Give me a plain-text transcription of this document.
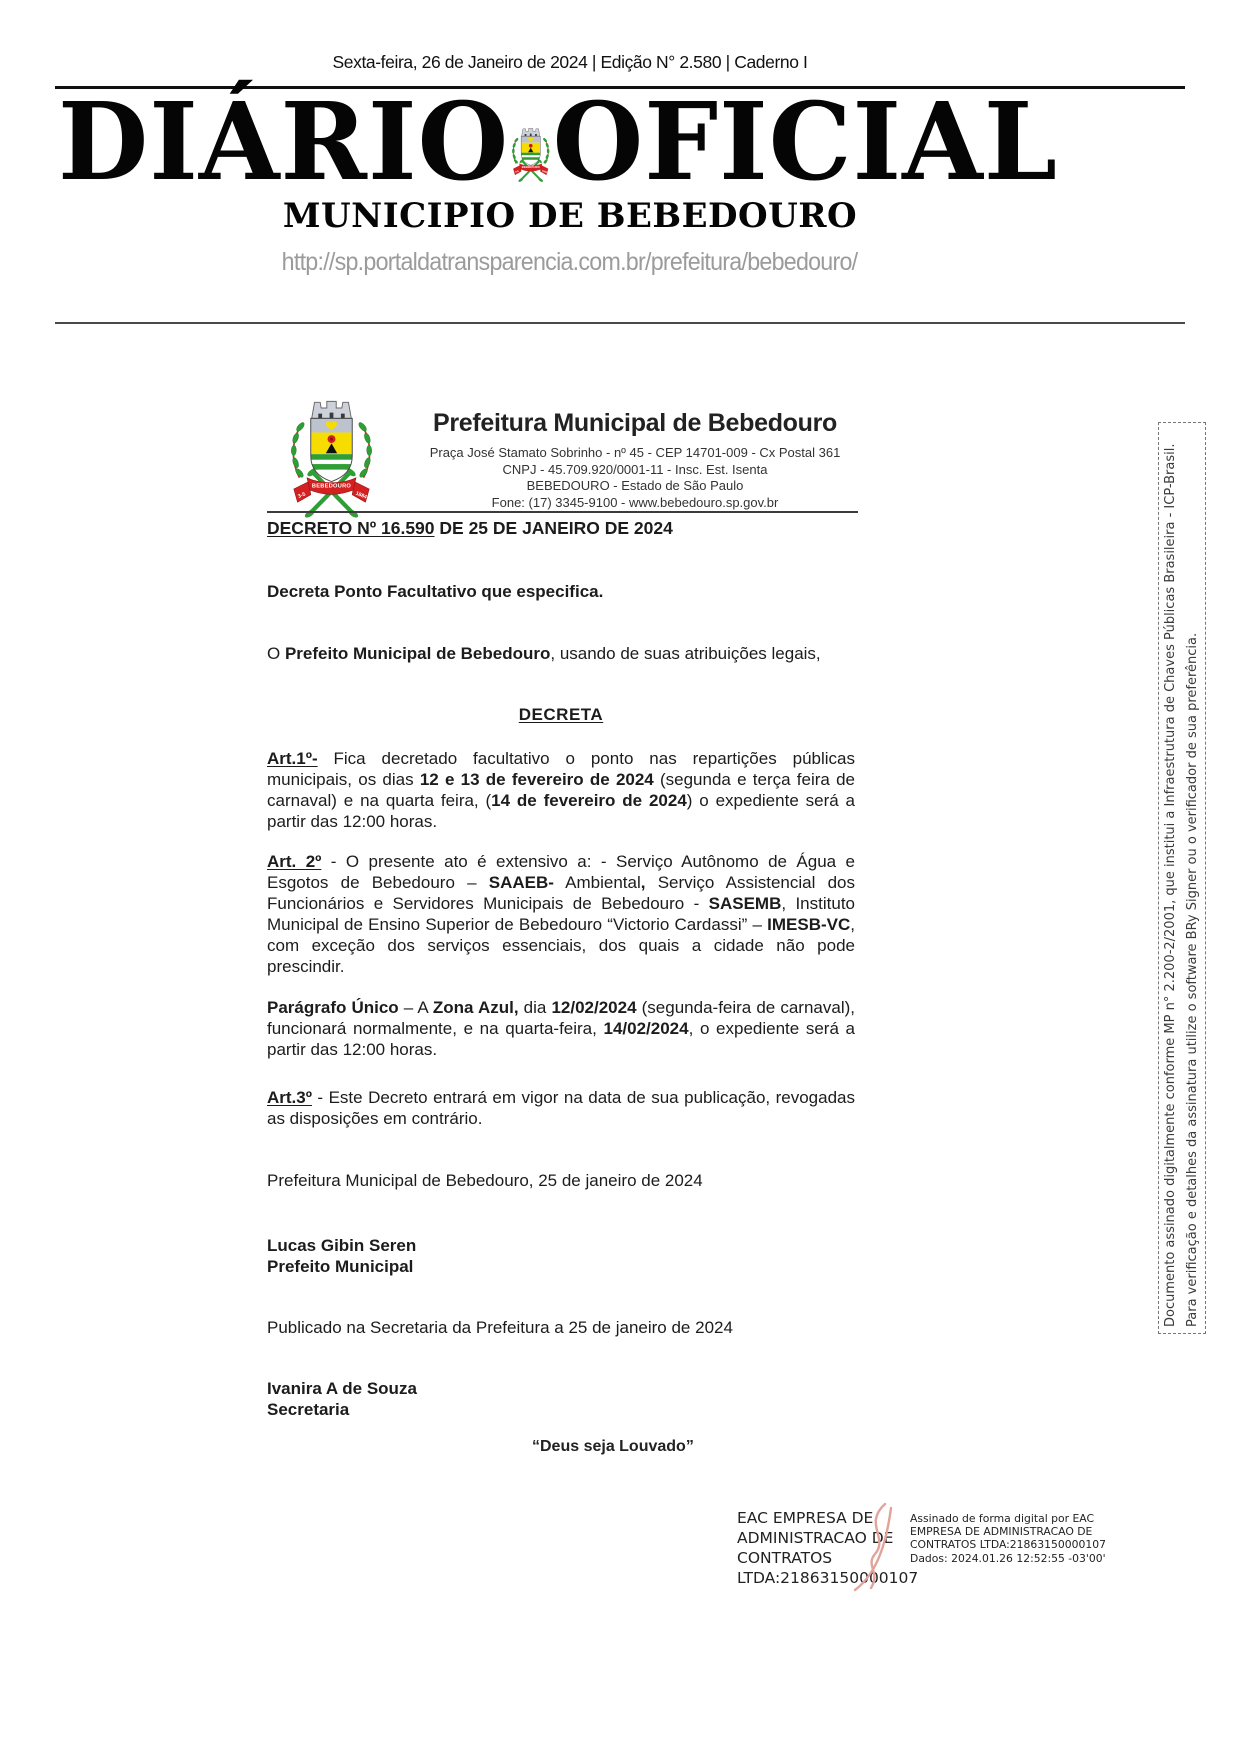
Sexta-feira, 26 de Janeiro de 2024 | Edição N° 2.580 | Caderno I
DIÁRIO OFICIAL
MUNICIPIO DE BEBEDOURO
http://sp.portaldatransparencia.com.br/prefeitura/bebedouro/
Prefeitura Municipal de Bebedouro
Praça José Stamato Sobrinho - nº 45 - CEP 14701-009 - Cx Postal 361
CNPJ - 45.709.920/0001-11 - Insc. Est. Isenta
BEBEDOURO - Estado de São Paulo
Fone: (17) 3345-9100 - www.bebedouro.sp.gov.br
DECRETO Nº 16.590 DE 25 DE JANEIRO DE 2024
Decreta Ponto Facultativo que especifica.
O Prefeito Municipal de Bebedouro, usando de suas atribuições legais,
DECRETA
Art.1º- Fica decretado facultativo o ponto nas repartições públicas municipais, os dias 12 e 13 de fevereiro de 2024 (segunda e terça feira de carnaval) e na quarta feira, (14 de fevereiro de 2024) o expediente será a partir das 12:00 horas.
Art. 2º - O presente ato é extensivo a: - Serviço Autônomo de Água e Esgotos de Bebedouro – SAAEB- Ambiental, Serviço Assistencial dos Funcionários e Servidores Municipais de Bebedouro - SASEMB, Instituto Municipal de Ensino Superior de Bebedouro “Victorio Cardassi” – IMESB-VC, com exceção dos serviços essenciais, dos quais a cidade não pode prescindir.
Parágrafo Único – A Zona Azul, dia 12/02/2024 (segunda-feira de carnaval), funcionará normalmente, e na quarta-feira, 14/02/2024, o expediente será a partir das 12:00 horas.
Art.3º - Este Decreto entrará em vigor na data de sua publicação, revogadas as disposições em contrário.
Prefeitura Municipal de Bebedouro, 25 de janeiro de 2024
Lucas Gibin Seren
Prefeito Municipal
Publicado na Secretaria da Prefeitura a 25 de janeiro de 2024
Ivanira A de Souza
Secretaria
“Deus seja Louvado”
EAC EMPRESA DE ADMINISTRACAO DE CONTRATOS LTDA:21863150000107
Assinado de forma digital por EAC EMPRESA DE ADMINISTRACAO DE CONTRATOS LTDA:21863150000107
Dados: 2024.01.26 12:52:55 -03'00'
Documento assinado digitalmente conforme MP n° 2.200-2/2001, que institui a Infraestrutura de Chaves Públicas Brasileira - ICP-Brasil. Para verificação e detalhes da assinatura utilize o software BRy Signer ou o verificador de sua preferência.
